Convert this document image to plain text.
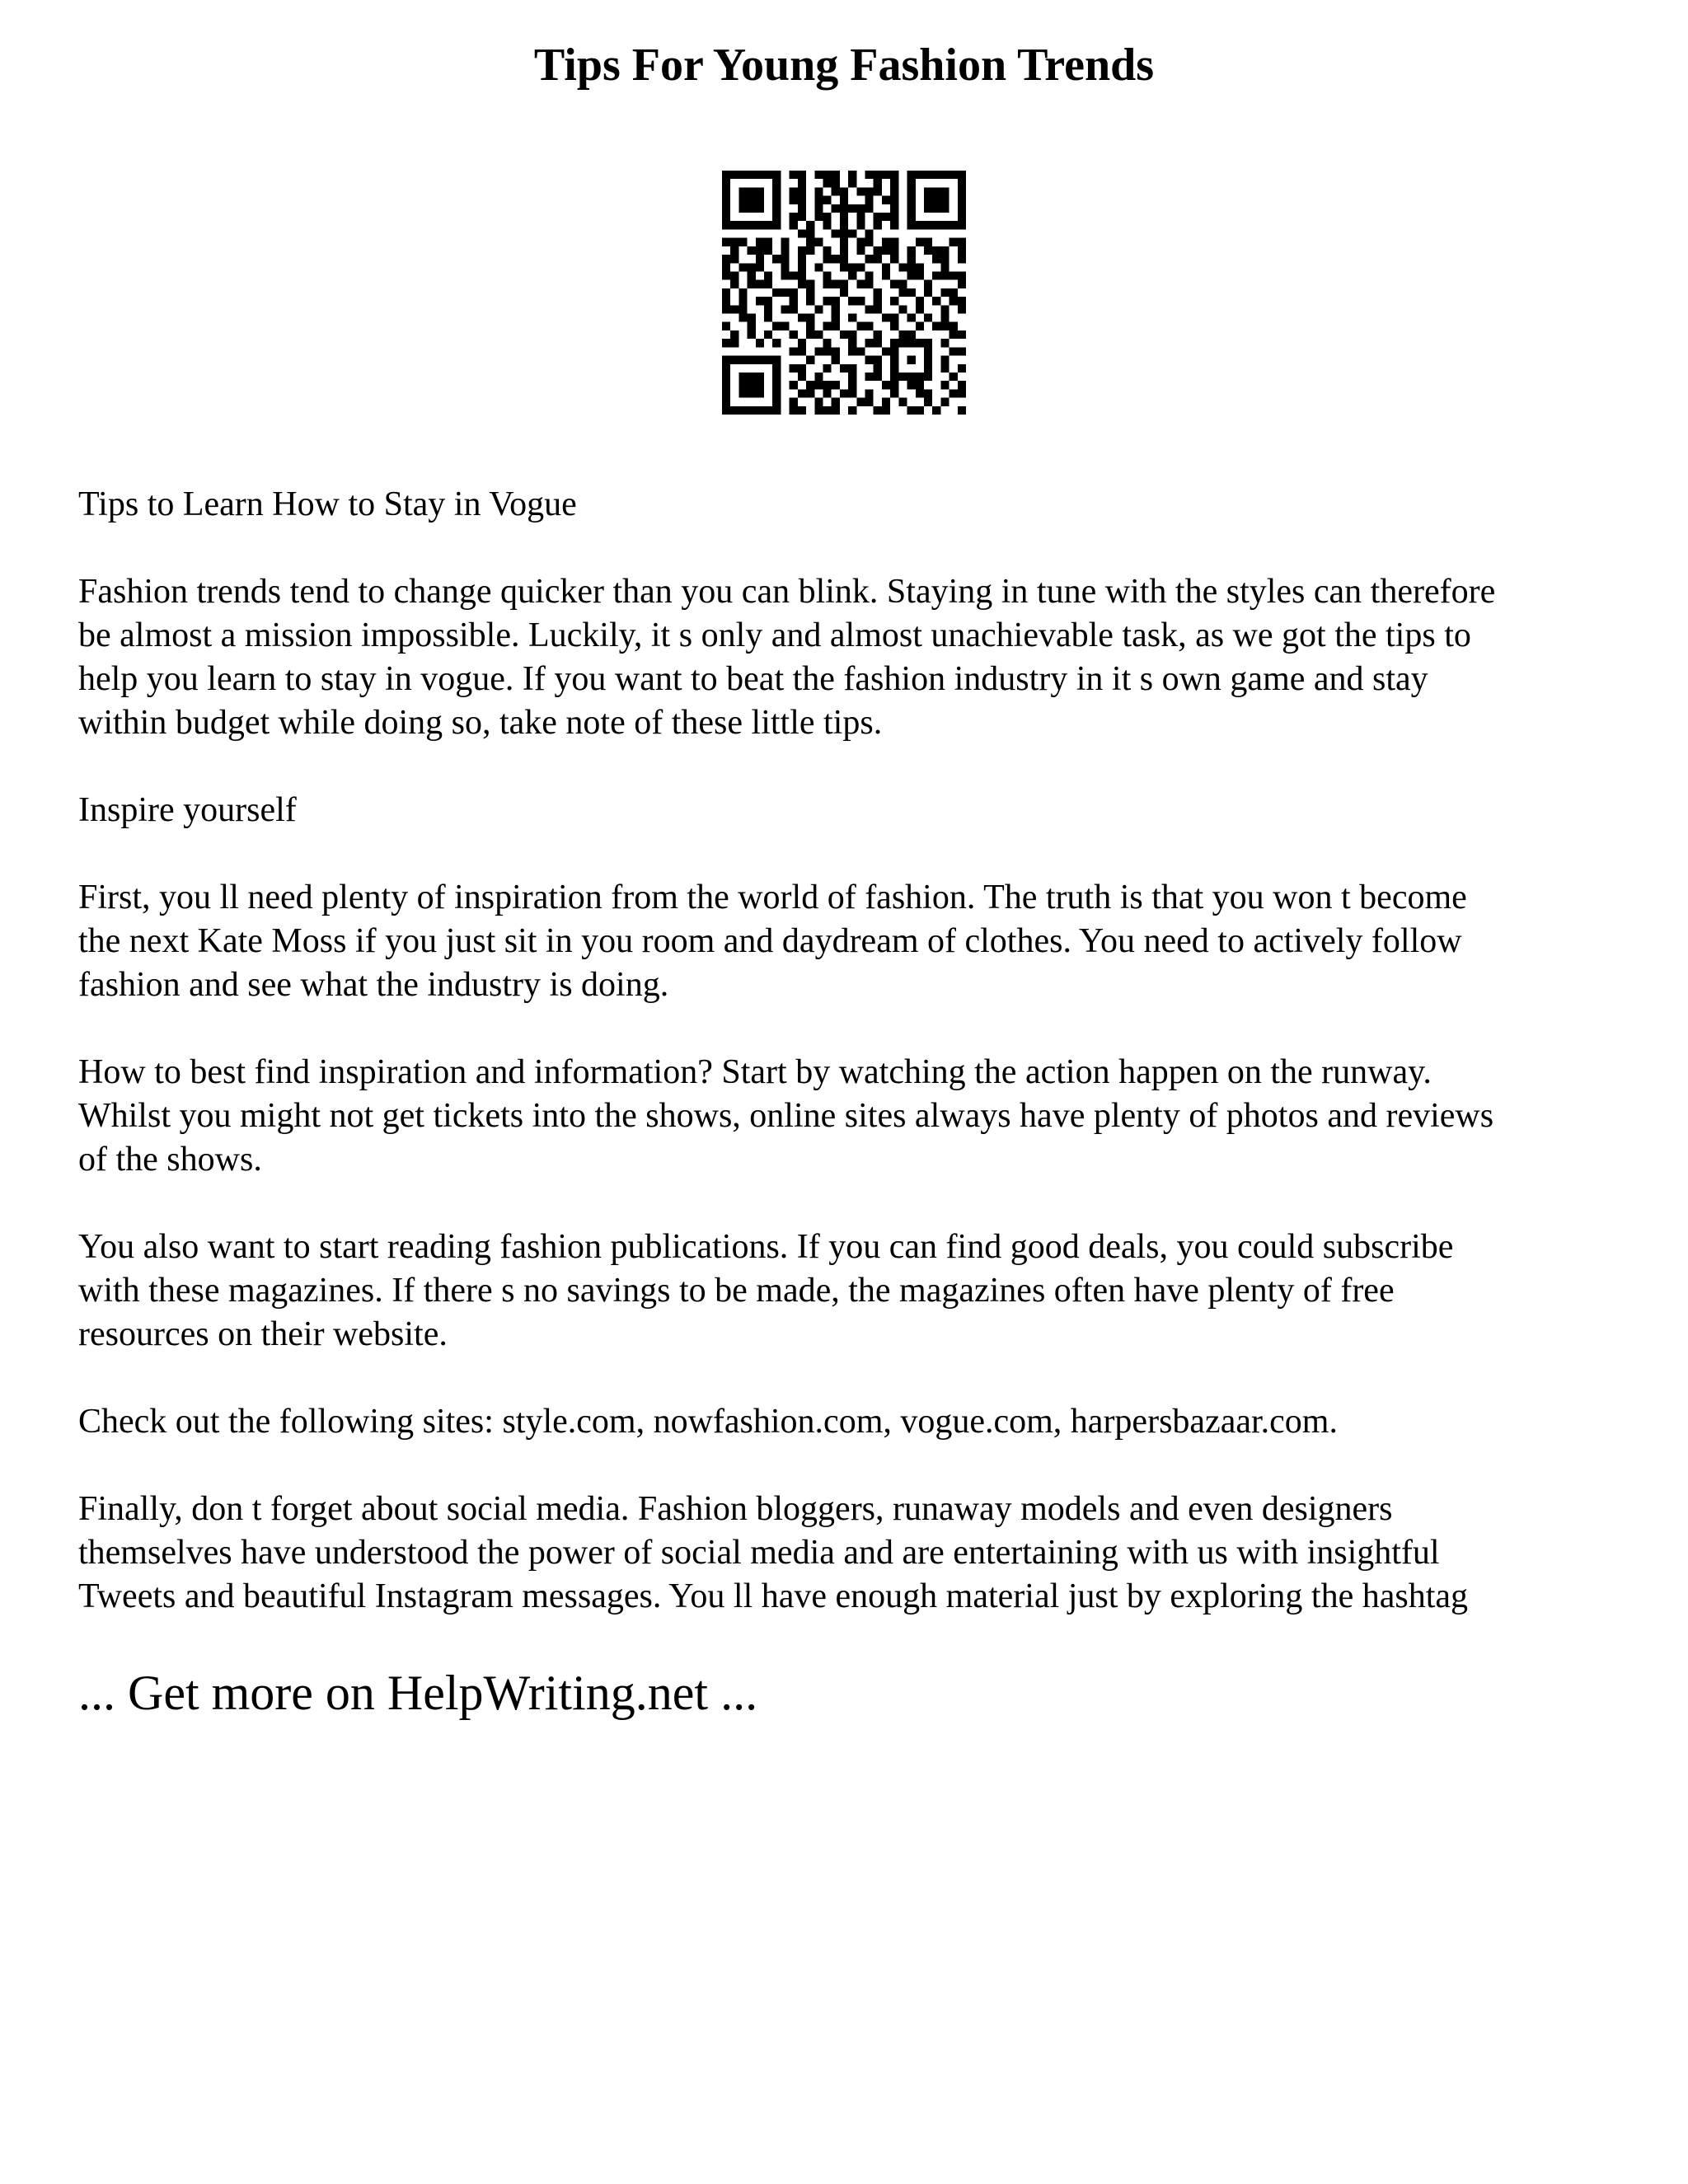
Tips For Young Fashion Trends

Tips to Learn How to Stay in Vogue

Fashion trends tend to change quicker than you can blink. Staying in tune with the styles can therefore
be almost a mission impossible. Luckily, it s only and almost unachievable task, as we got the tips to
help you learn to stay in vogue. If you want to beat the fashion industry in it s own game and stay
within budget while doing so, take note of these little tips.

Inspire yourself

First, you ll need plenty of inspiration from the world of fashion. The truth is that you won t become
the next Kate Moss if you just sit in you room and daydream of clothes. You need to actively follow
fashion and see what the industry is doing.

How to best find inspiration and information? Start by watching the action happen on the runway.
Whilst you might not get tickets into the shows, online sites always have plenty of photos and reviews
of the shows.

You also want to start reading fashion publications. If you can find good deals, you could subscribe
with these magazines. If there s no savings to be made, the magazines often have plenty of free
resources on their website.

Check out the following sites: style.com, nowfashion.com, vogue.com, harpersbazaar.com.

Finally, don t forget about social media. Fashion bloggers, runaway models and even designers
themselves have understood the power of social media and are entertaining with us with insightful
Tweets and beautiful Instagram messages. You ll have enough material just by exploring the hashtag

... Get more on HelpWriting.net ...
